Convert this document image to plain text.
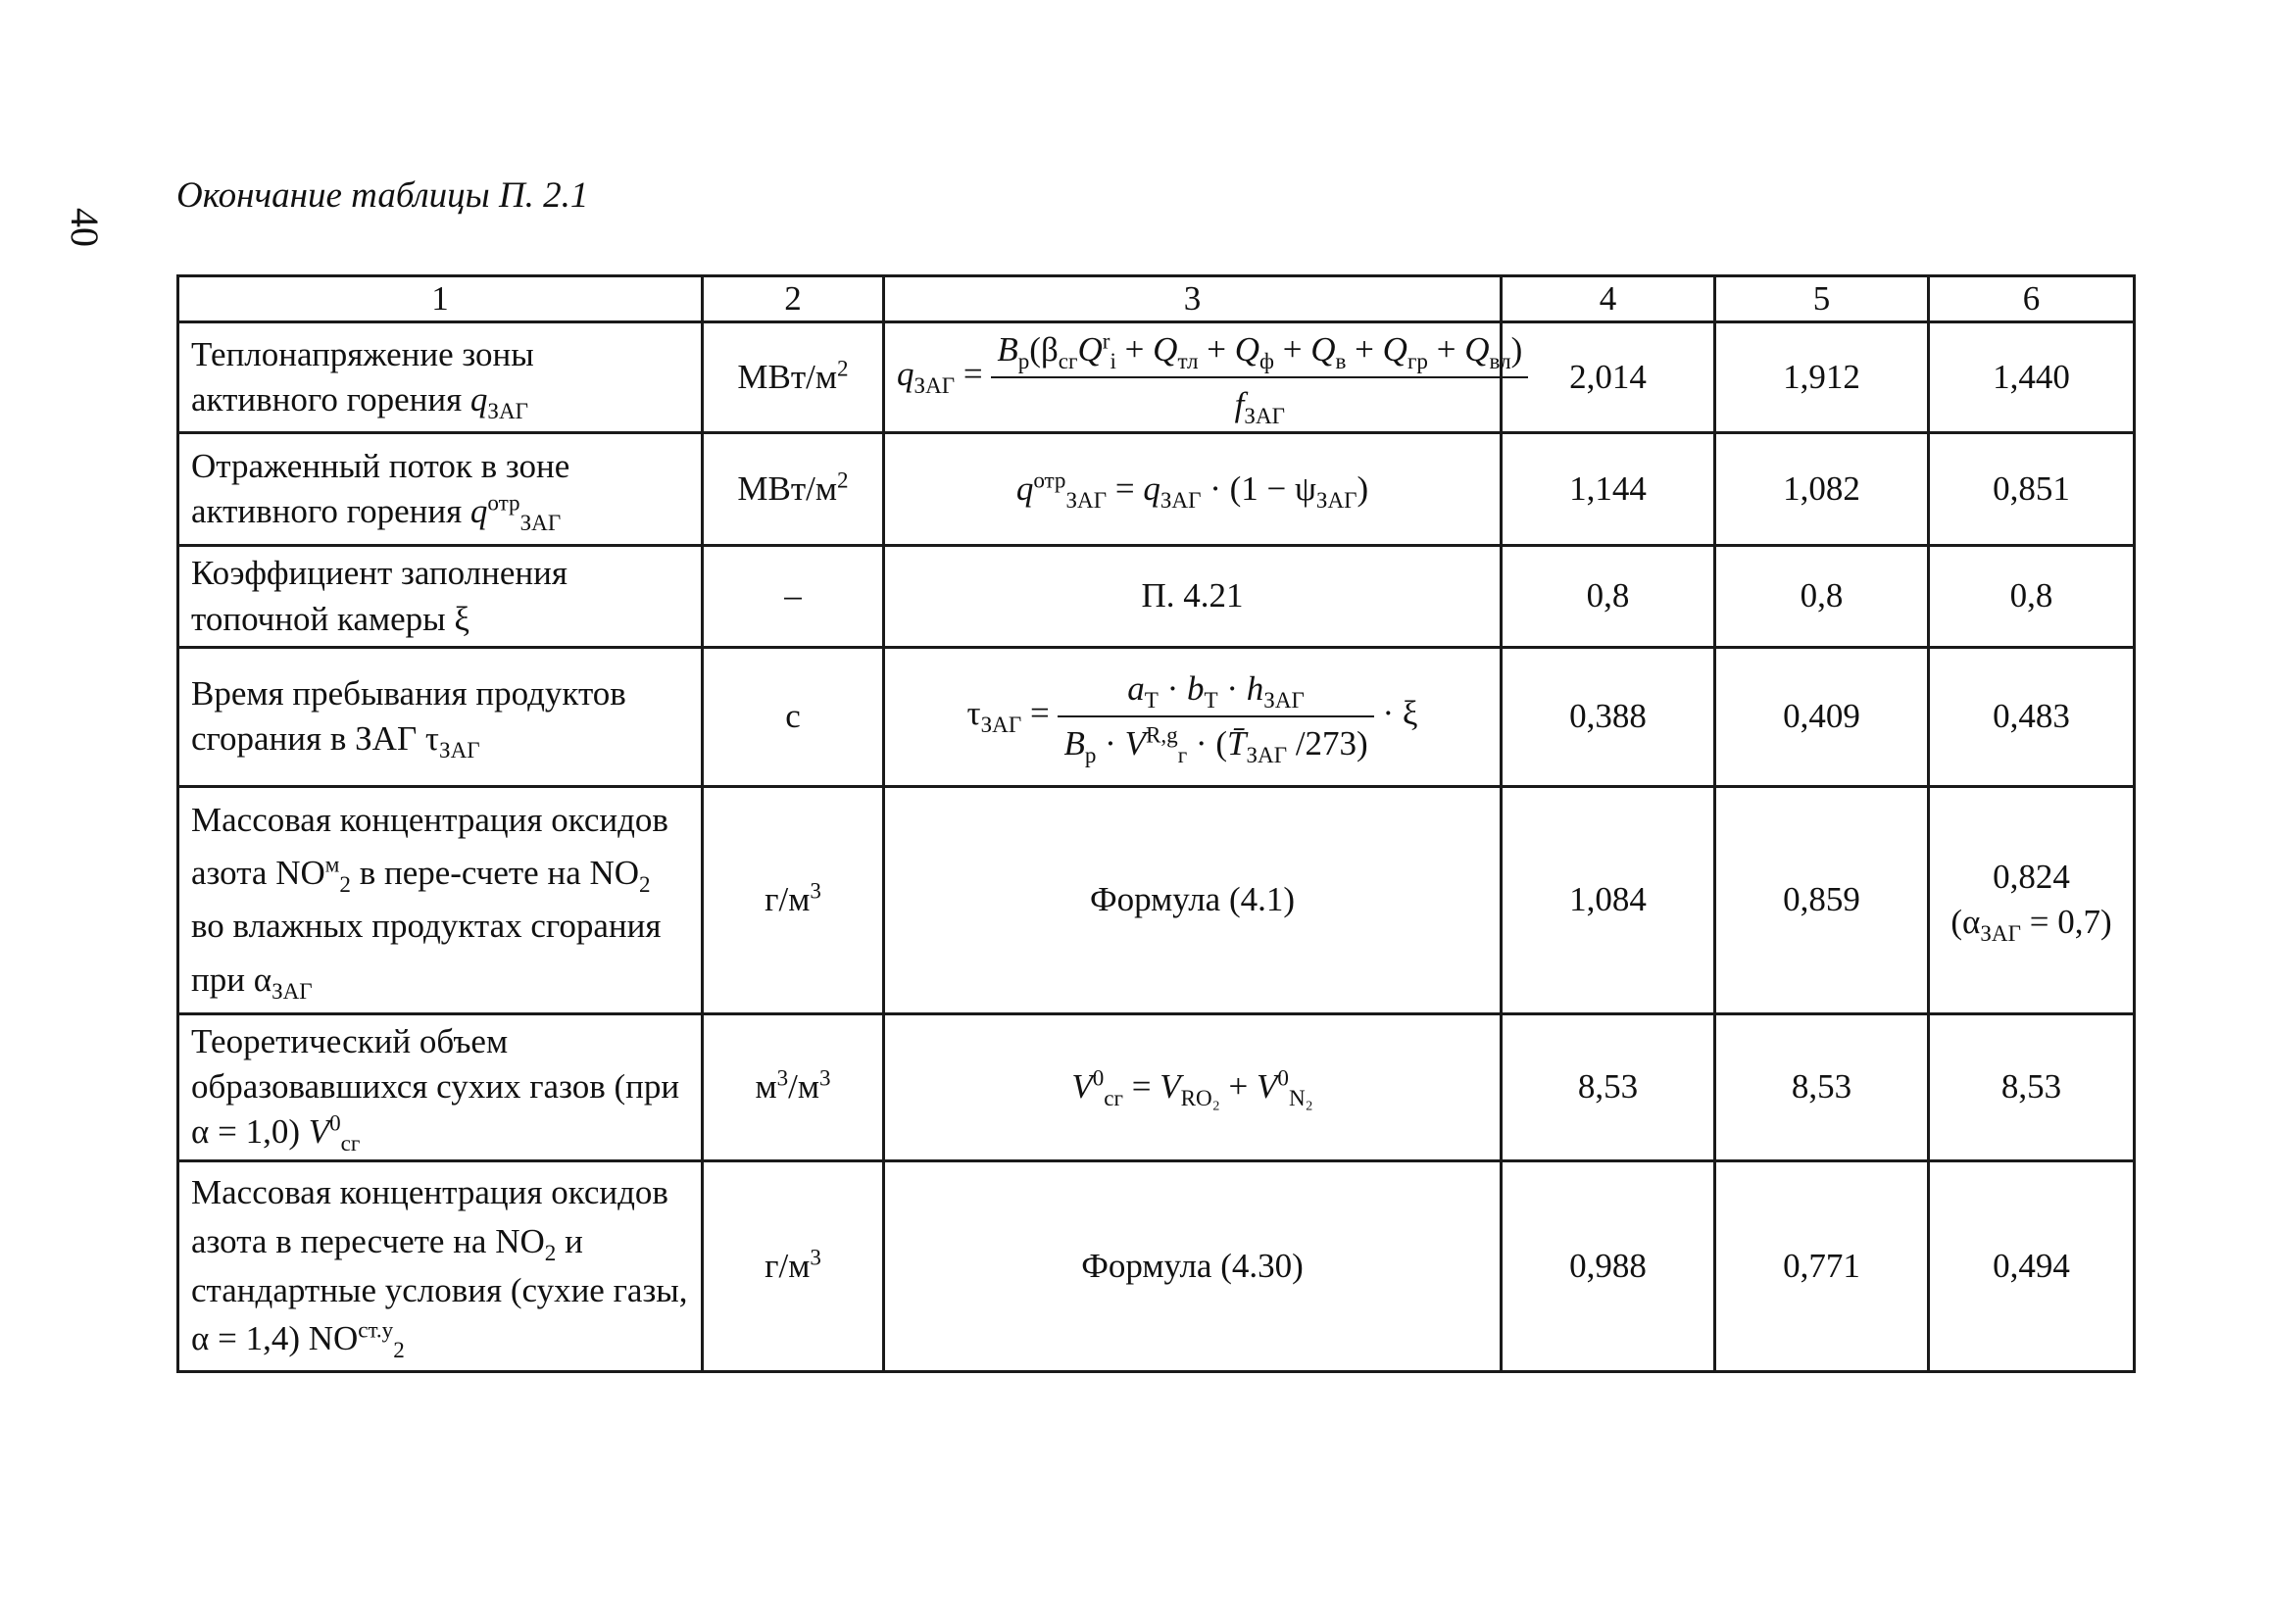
40
Окончание таблицы П. 2.1
1	2	3	4	5	6
Теплонапряжение зоны активного горения $q_{ЗАГ}$	МВт/$м^2$	$q_{ЗАГ} = \frac{B_р(\beta_{сг}Q^r_i + Q_{тл} + Q_ф + Q_в + Q_{гр} + Q_{вл})}{f_{ЗАГ}}$	2,014	1,912	1,440
Отраженный поток в зоне активного горения $q^{отр}_{ЗАГ}$	МВт/$м^2$	$q^{отр}_{ЗАГ} = q_{ЗАГ} \cdot (1 - \psi_{ЗАГ})$	1,144	1,082	0,851
Коэффициент заполнения топочной камеры ξ	–	П. 4.21	0,8	0,8	0,8
Время пребывания продуктов сгорания в ЗАГ $\tau_{ЗАГ}$	с	$\tau_{ЗАГ} = \frac{a_Т \cdot b_Т \cdot h_{ЗАГ}}{B_р \cdot V^{R,g}_г \cdot (T̄_{ЗАГ} /273)} \cdot \xi$	0,388	0,409	0,483
Массовая концентрация оксидов азота $NO^м_2$ в пере-счете на $NO_2$ во влажных продуктах сгорания при $\alpha_{ЗАГ}$	$г/м^3$	Формула (4.1)	1,084	0,859	0,824
$(\alpha_{ЗАГ} = 0,7)$

Теоретический объем образовавшихся сухих газов (при α = 1,0) $V^0_{сг}$	$м^3/м^3$	$V^0_{сг} = V_{RO_2} + V^0_{N_2}$	8,53	8,53	8,53
Массовая концентрация оксидов азота в пересчете на $NO_2$ и стандартные условия (сухие газы, α = 1,4) $NO^{ст.у}_2$	$г/м^3$	Формула (4.30)	0,988	0,771	0,494
